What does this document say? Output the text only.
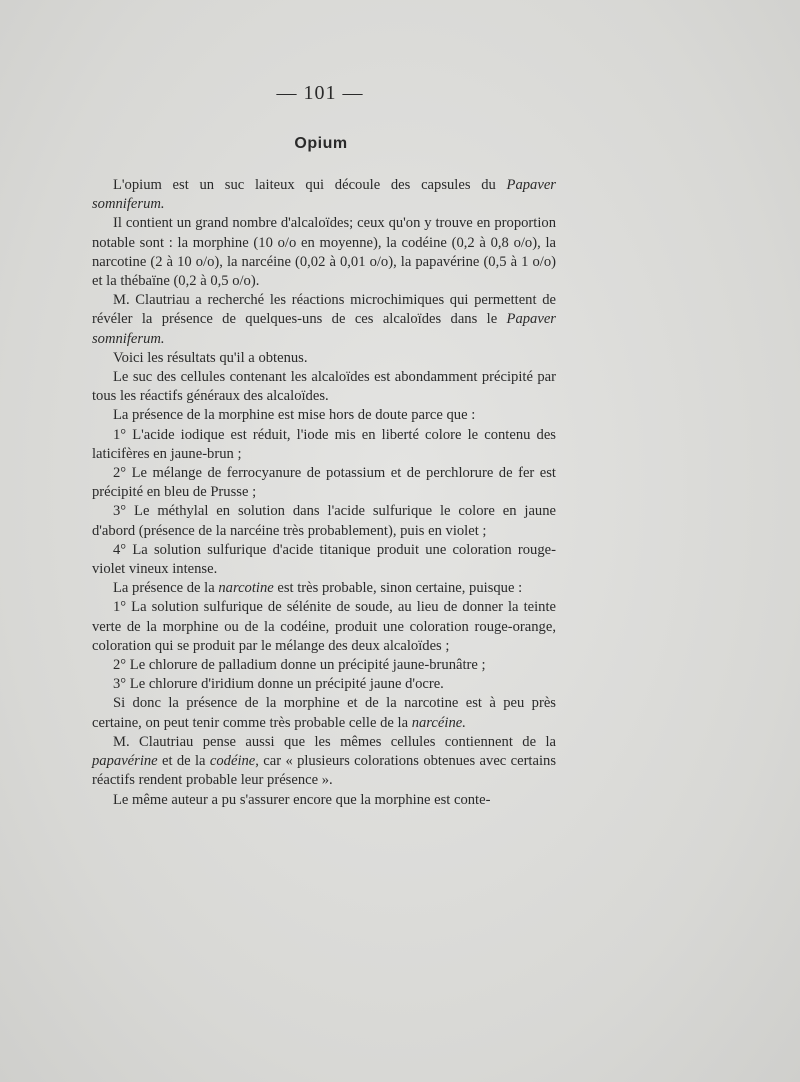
— 101 —
Opium

L'opium est un suc laiteux qui découle des capsules du Papaver somniferum.

Il contient un grand nombre d'alcaloïdes; ceux qu'on y trouve en proportion notable sont : la morphine (10 o/o en moyenne), la codéine (0,2 à 0,8 o/o), la narcotine (2 à 10 o/o), la narcéine (0,02 à 0,01 o/o), la papavérine (0,5 à 1 o/o) et la thébaïne (0,2 à 0,5 o/o).

M. Clautriau a recherché les réactions microchimiques qui permettent de révéler la présence de quelques-uns de ces alcaloïdes dans le Papaver somniferum.

Voici les résultats qu'il a obtenus.

Le suc des cellules contenant les alcaloïdes est abondamment précipité par tous les réactifs généraux des alcaloïdes.

La présence de la morphine est mise hors de doute parce que :

1° L'acide iodique est réduit, l'iode mis en liberté colore le contenu des laticifères en jaune-brun ;

2° Le mélange de ferrocyanure de potassium et de perchlorure de fer est précipité en bleu de Prusse ;

3° Le méthylal en solution dans l'acide sulfurique le colore en jaune d'abord (présence de la narcéine très probablement), puis en violet ;

4° La solution sulfurique d'acide titanique produit une coloration rouge-violet vineux intense.

La présence de la narcotine est très probable, sinon certaine, puisque :

1° La solution sulfurique de sélénite de soude, au lieu de donner la teinte verte de la morphine ou de la codéine, produit une coloration rouge-orange, coloration qui se produit par le mélange des deux alcaloïdes ;

2° Le chlorure de palladium donne un précipité jaune-brunâtre ;

3° Le chlorure d'iridium donne un précipité jaune d'ocre.

Si donc la présence de la morphine et de la narcotine est à peu près certaine, on peut tenir comme très probable celle de la narcéine.

M. Clautriau pense aussi que les mêmes cellules contiennent de la papavérine et de la codéine, car « plusieurs colorations obtenues avec certains réactifs rendent probable leur présence ».

Le même auteur a pu s'assurer encore que la morphine est conte-
